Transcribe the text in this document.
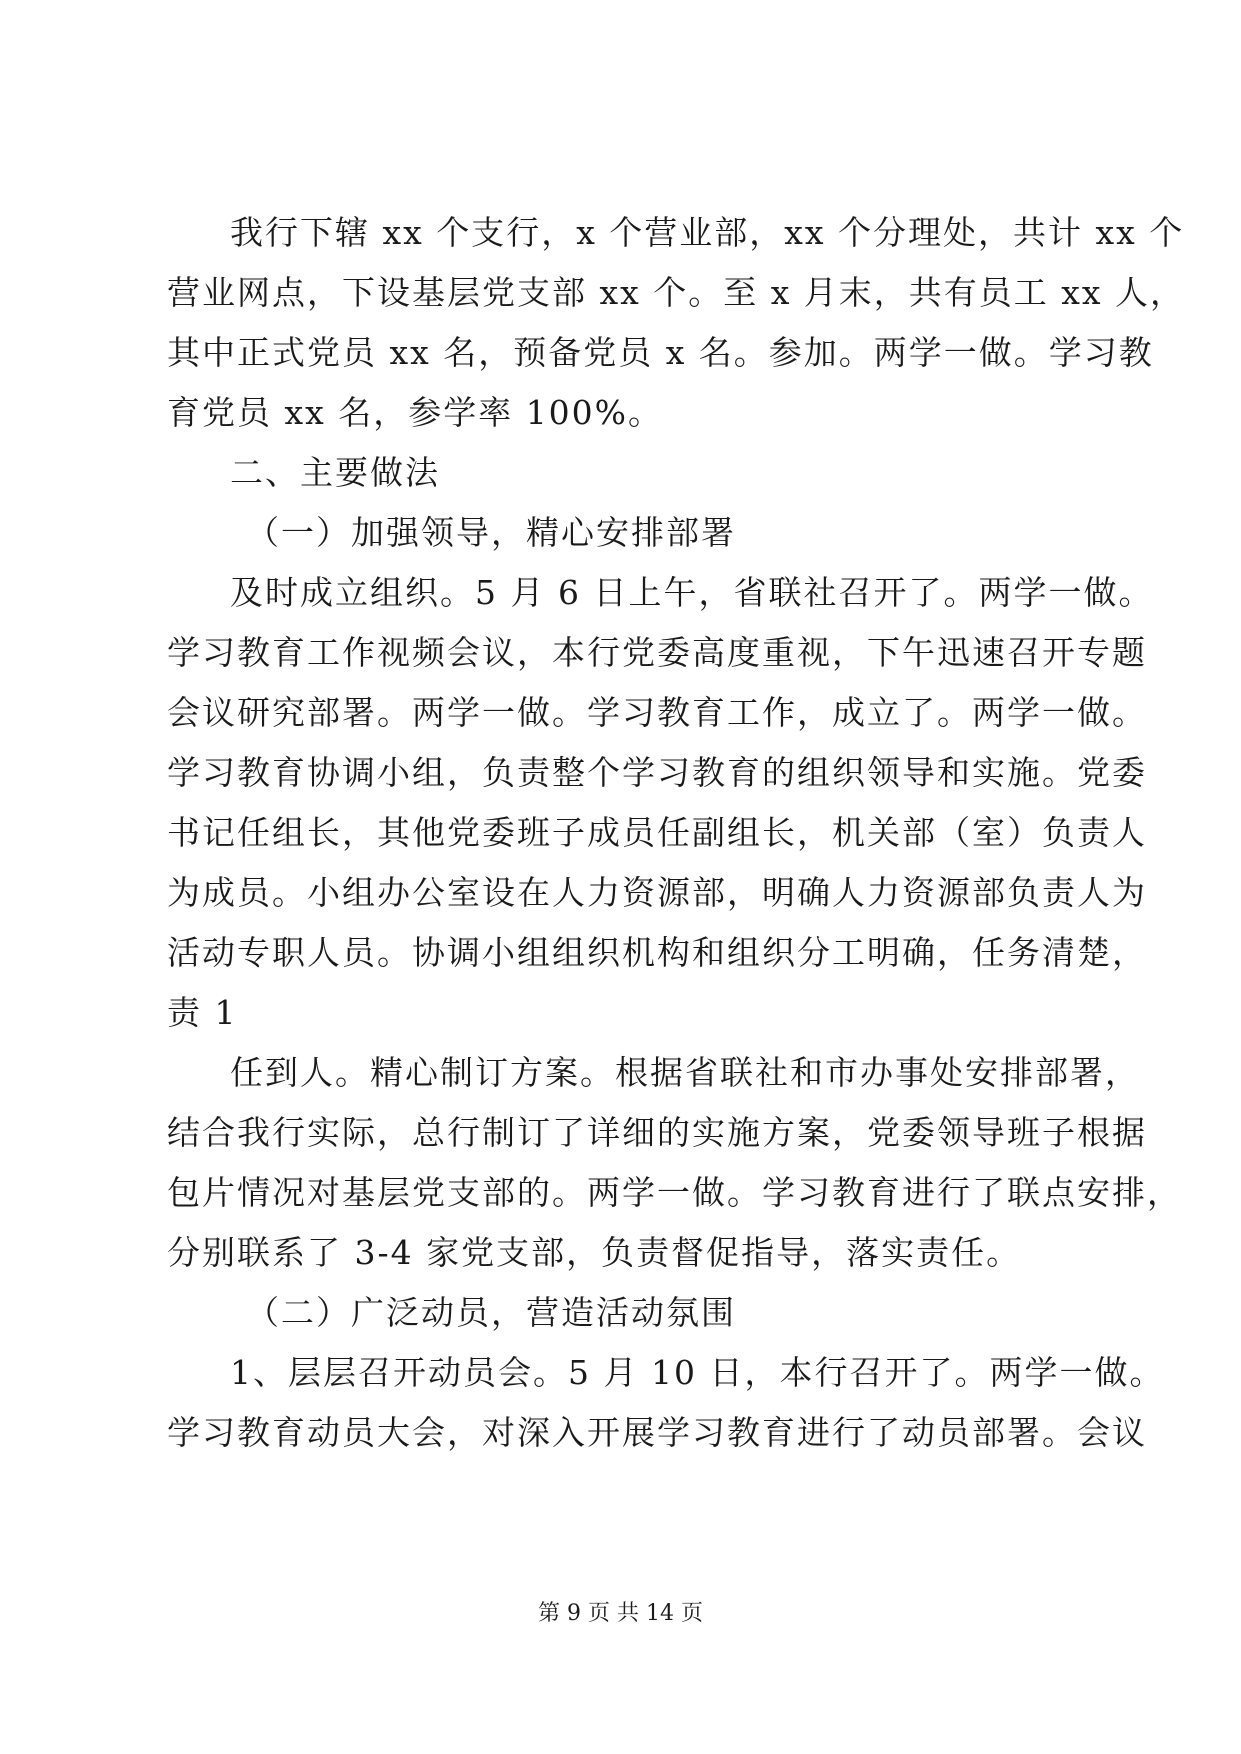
我行下辖 xx 个支行，x 个营业部，xx 个分理处，共计 xx 个
营业网点，下设基层党支部 xx 个。至 x 月末，共有员工 xx 人，
其中正式党员 xx 名，预备党员 x 名。参加。两学一做。学习教
育党员 xx 名，参学率 100%。
二、主要做法
（一）加强领导，精心安排部署
及时成立组织。5 月 6 日上午，省联社召开了。两学一做。
学习教育工作视频会议，本行党委高度重视，下午迅速召开专题
会议研究部署。两学一做。学习教育工作，成立了。两学一做。
学习教育协调小组，负责整个学习教育的组织领导和实施。党委
书记任组长，其他党委班子成员任副组长，机关部（室）负责人
为成员。小组办公室设在人力资源部，明确人力资源部负责人为
活动专职人员。协调小组组织机构和组织分工明确，任务清楚，
责 1
任到人。精心制订方案。根据省联社和市办事处安排部署，
结合我行实际，总行制订了详细的实施方案，党委领导班子根据
包片情况对基层党支部的。两学一做。学习教育进行了联点安排，
分别联系了 3-4 家党支部，负责督促指导，落实责任。
（二）广泛动员，营造活动氛围
1、层层召开动员会。5 月 10 日，本行召开了。两学一做。
学习教育动员大会，对深入开展学习教育进行了动员部署。会议
第 9 页 共 14 页
